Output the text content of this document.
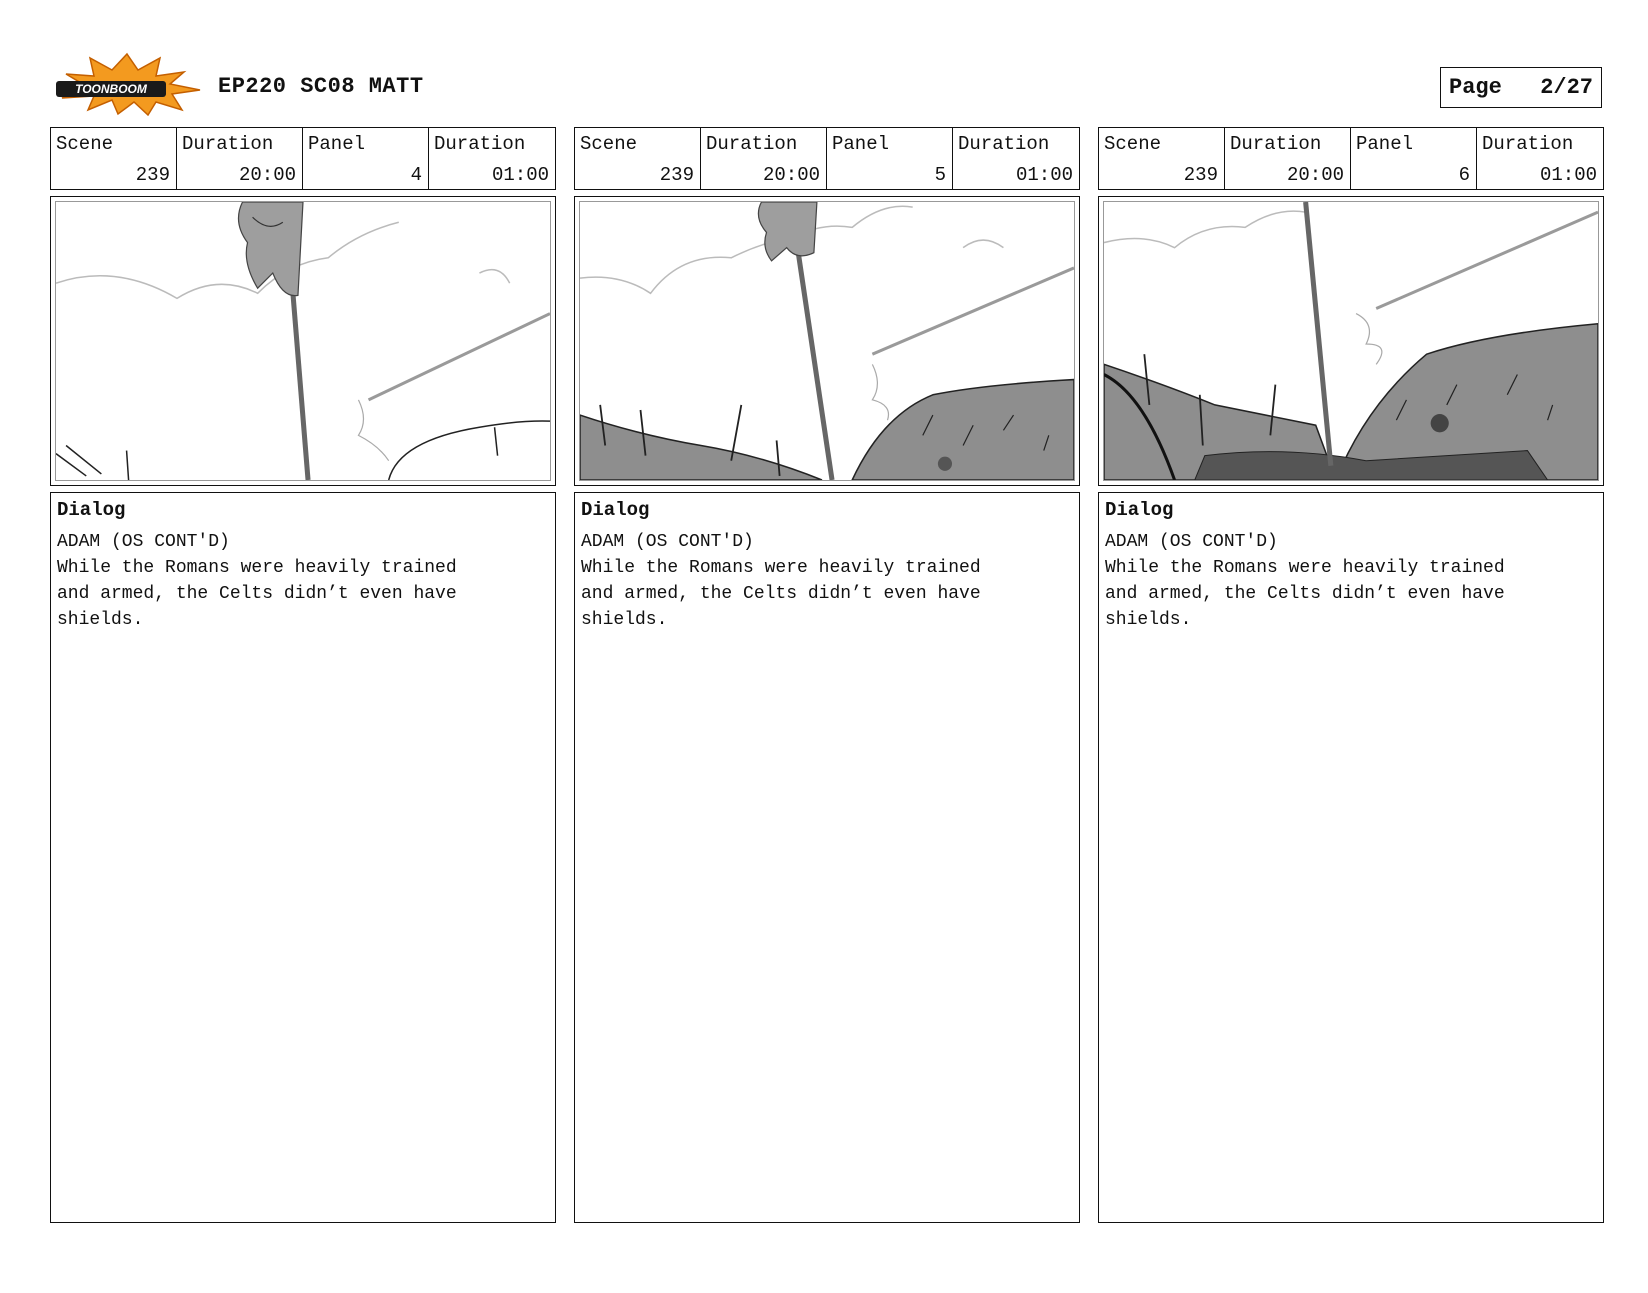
TOONBOOM	EP220 SC08 MATT	Page 2/27
Scene
239
Duration
20:00
Panel
4
Duration
01:00
Dialog
ADAM (OS CONT'D)
While the Romans were heavily trained
and armed, the Celts didn’t even have
shields.
Scene
239
Duration
20:00
Panel
5
Duration
01:00
Dialog
ADAM (OS CONT'D)
While the Romans were heavily trained
and armed, the Celts didn’t even have
shields.
Scene
239
Duration
20:00
Panel
6
Duration
01:00
Dialog
ADAM (OS CONT'D)
While the Romans were heavily trained
and armed, the Celts didn’t even have
shields.
